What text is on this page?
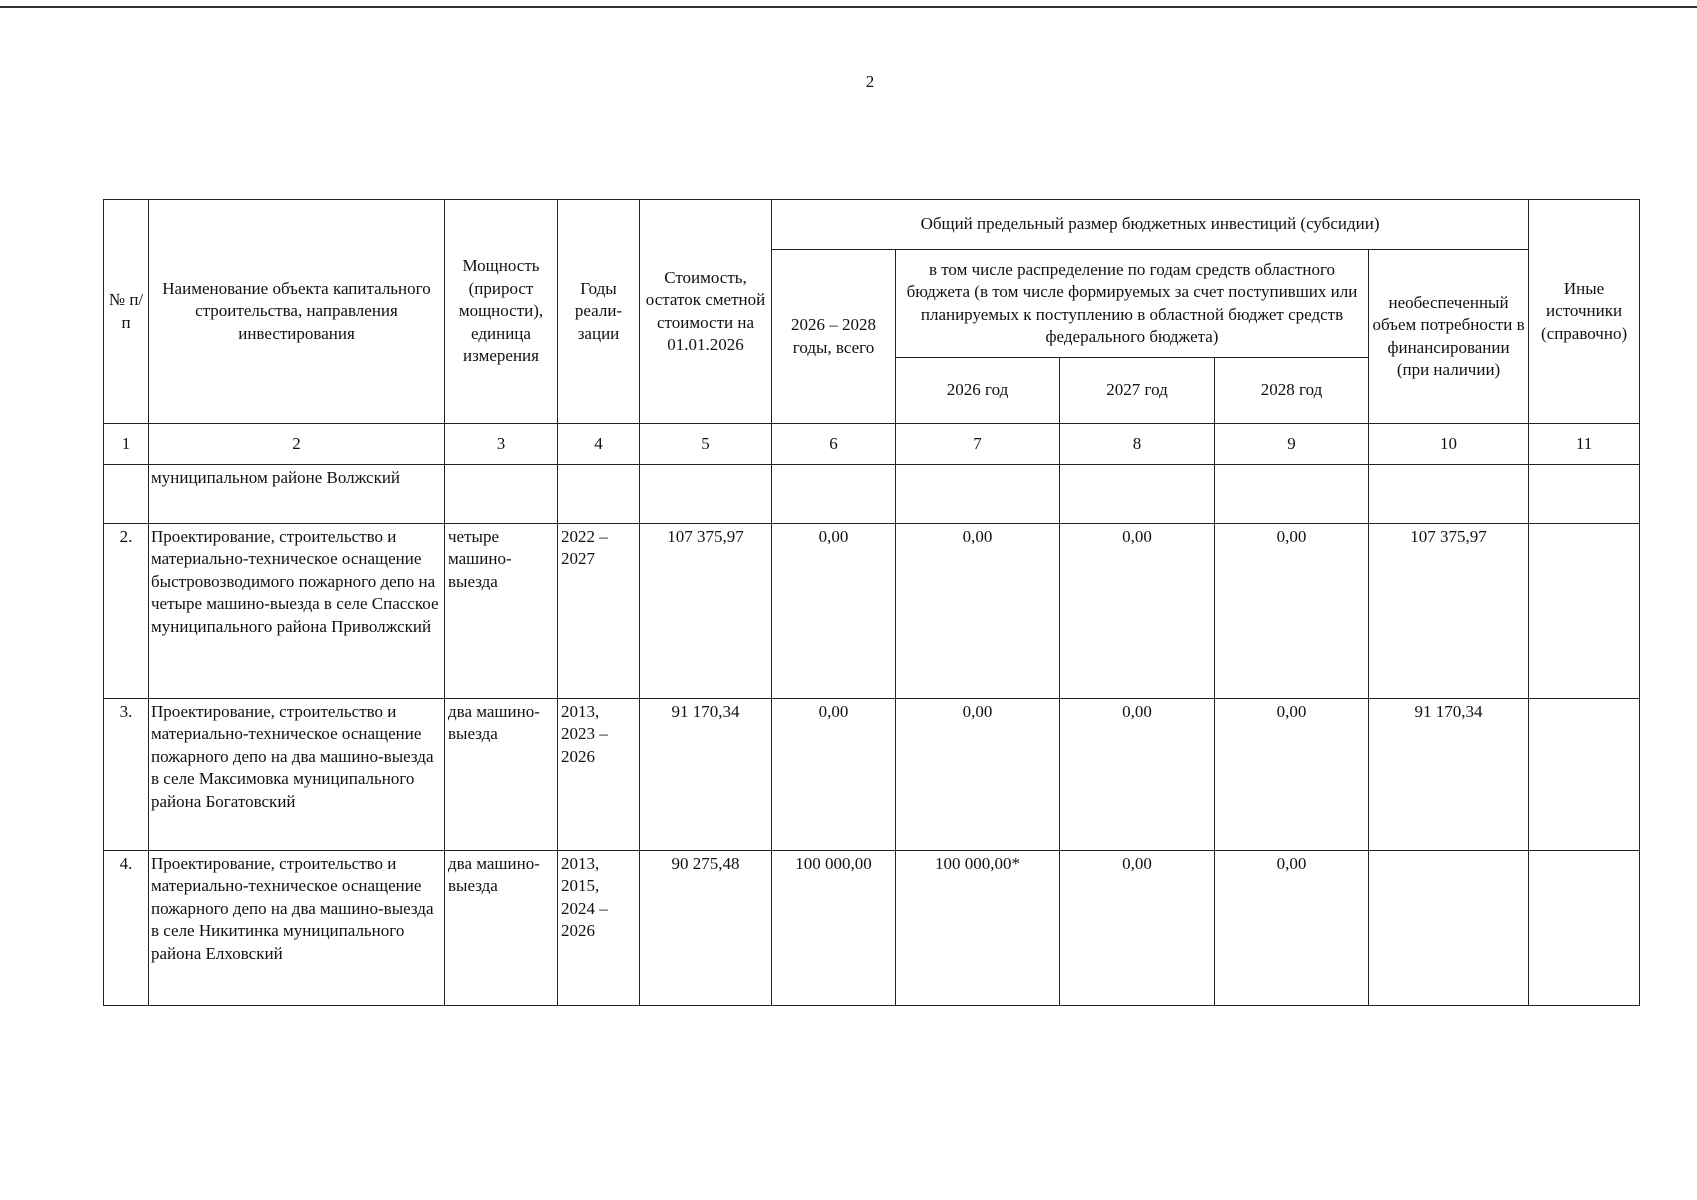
2
№ п/п	Наименование объекта капитального строительства, направления инвестирования	Мощность (прирост мощности), единица измерения	Годы реали-зации	Стоимость, остаток сметной стоимости на 01.01.2026	Общий предельный размер бюджетных инвестиций (субсидии)					Иные источники (справочно)
					2026 – 2028 годы, всего	в том числе распределение по годам средств областного бюджета (в том числе формируемых за счет поступивших или планируемых к поступлению в областной бюджет средств федерального бюджета)			необеспеченный объем потребности в финансировании (при наличии)	
						2026 год	2027 год	2028 год		
1	2	3	4	5	6	7	8	9	10	11
	муниципальном районе Волжский									
2.	Проектирование, строительство и материально-техническое оснащение быстровозводимого пожарного депо на четыре машино-выезда в селе Спасское муниципального района Приволжский	четыре машино-выезда	2022 – 2027	107 375,97	0,00	0,00	0,00	0,00	107 375,97	
3.	Проектирование, строительство и материально-техническое оснащение пожарного депо на два машино-выезда в селе Максимовка муниципального района Богатовский	два машино-выезда	2013, 2023 – 2026	91 170,34	0,00	0,00	0,00	0,00	91 170,34	
4.	Проектирование, строительство и материально-техническое оснащение пожарного депо на два машино-выезда в селе Никитинка муниципального района Елховский	два машино-выезда	2013, 2015, 2024 – 2026	90 275,48	100 000,00	100 000,00*	0,00	0,00		
